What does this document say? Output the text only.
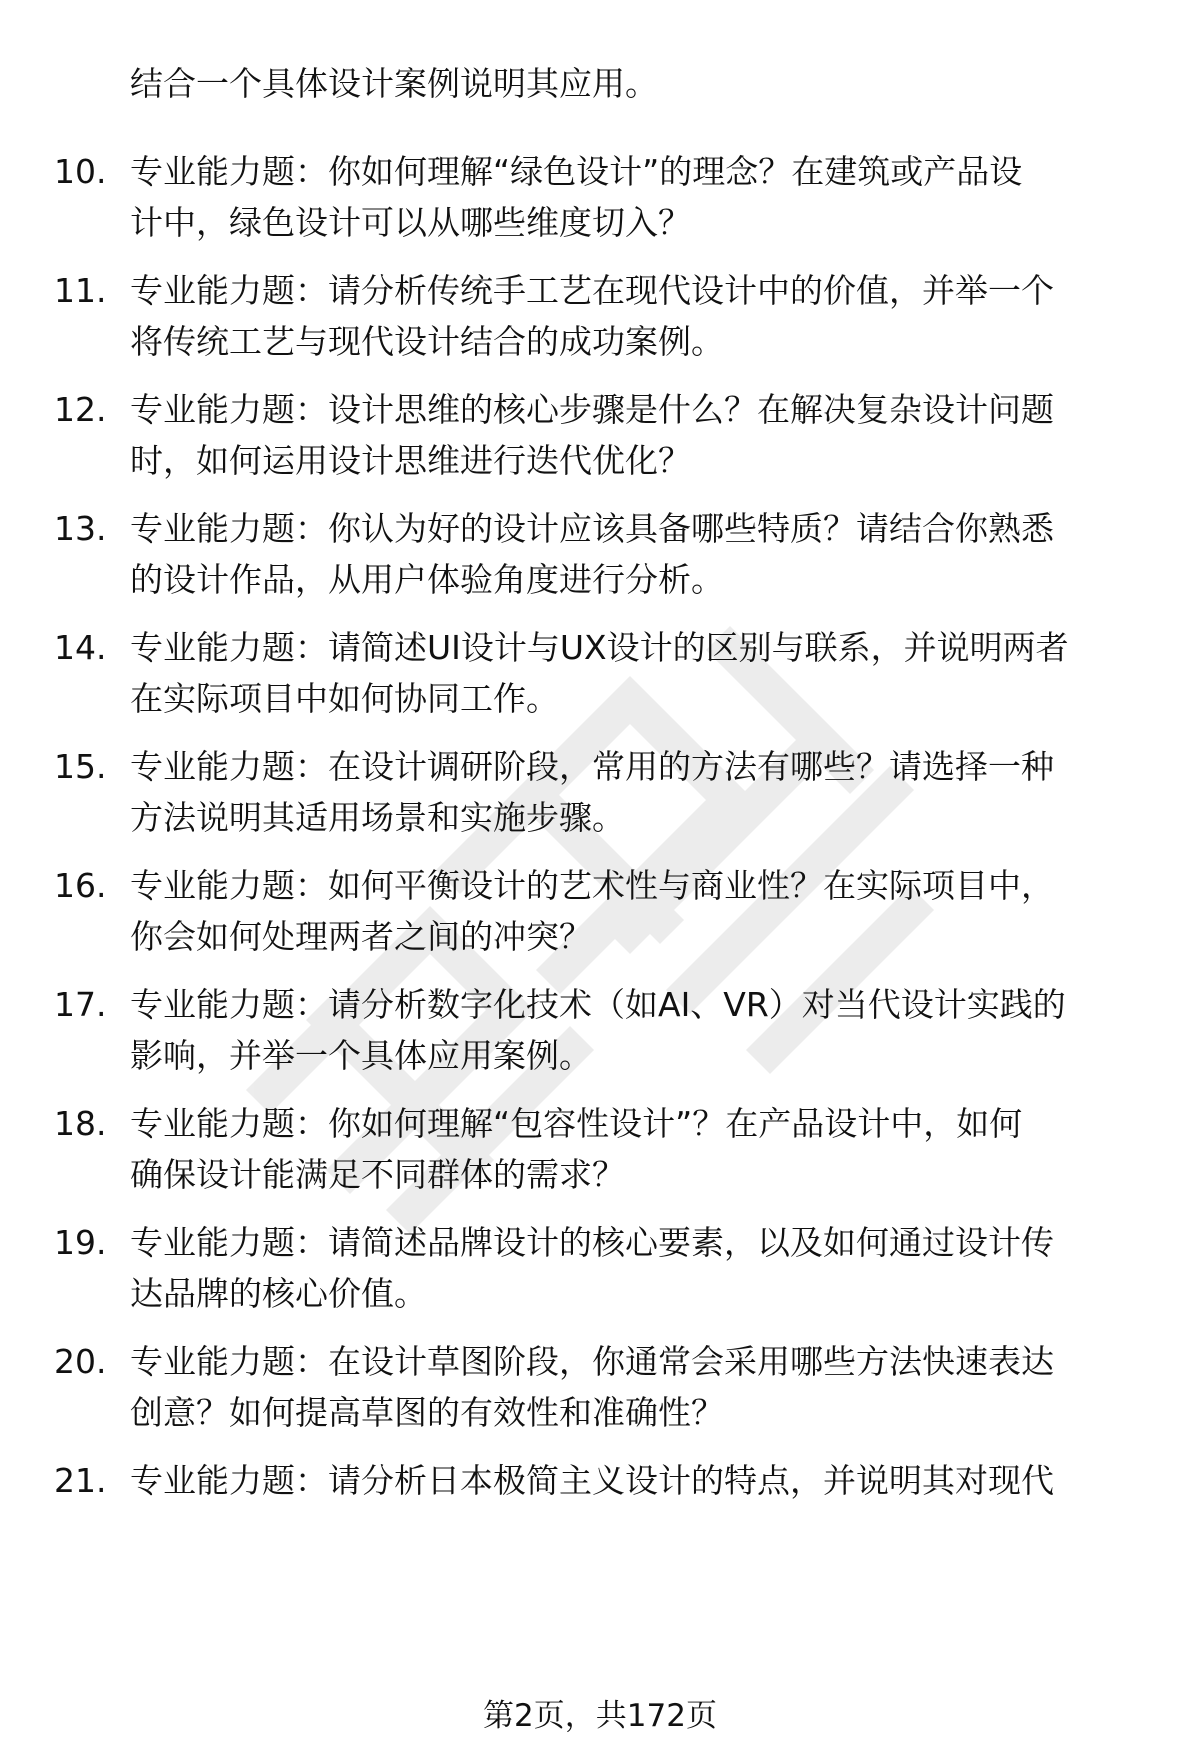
结合一个具体设计案例说明其应用。
10. 专业能力题：你如何理解“绿色设计”的理念？在建筑或产品设
计中，绿色设计可以从哪些维度切入？
11. 专业能力题：请分析传统手工艺在现代设计中的价值，并举一个
将传统工艺与现代设计结合的成功案例。
12. 专业能力题：设计思维的核心步骤是什么？在解决复杂设计问题
时，如何运用设计思维进行迭代优化？
13. 专业能力题：你认为好的设计应该具备哪些特质？请结合你熟悉
的设计作品，从用户体验角度进行分析。
14. 专业能力题：请简述UI设计与UX设计的区别与联系，并说明两者
在实际项目中如何协同工作。
15. 专业能力题：在设计调研阶段，常用的方法有哪些？请选择一种
方法说明其适用场景和实施步骤。
16. 专业能力题：如何平衡设计的艺术性与商业性？在实际项目中，
你会如何处理两者之间的冲突？
17. 专业能力题：请分析数字化技术（如AI、VR）对当代设计实践的
影响，并举一个具体应用案例。
18. 专业能力题：你如何理解“包容性设计”？在产品设计中，如何
确保设计能满足不同群体的需求？
19. 专业能力题：请简述品牌设计的核心要素，以及如何通过设计传
达品牌的核心价值。
20. 专业能力题：在设计草图阶段，你通常会采用哪些方法快速表达
创意？如何提高草图的有效性和准确性？
21. 专业能力题：请分析日本极简主义设计的特点，并说明其对现代
第2页，共172页
